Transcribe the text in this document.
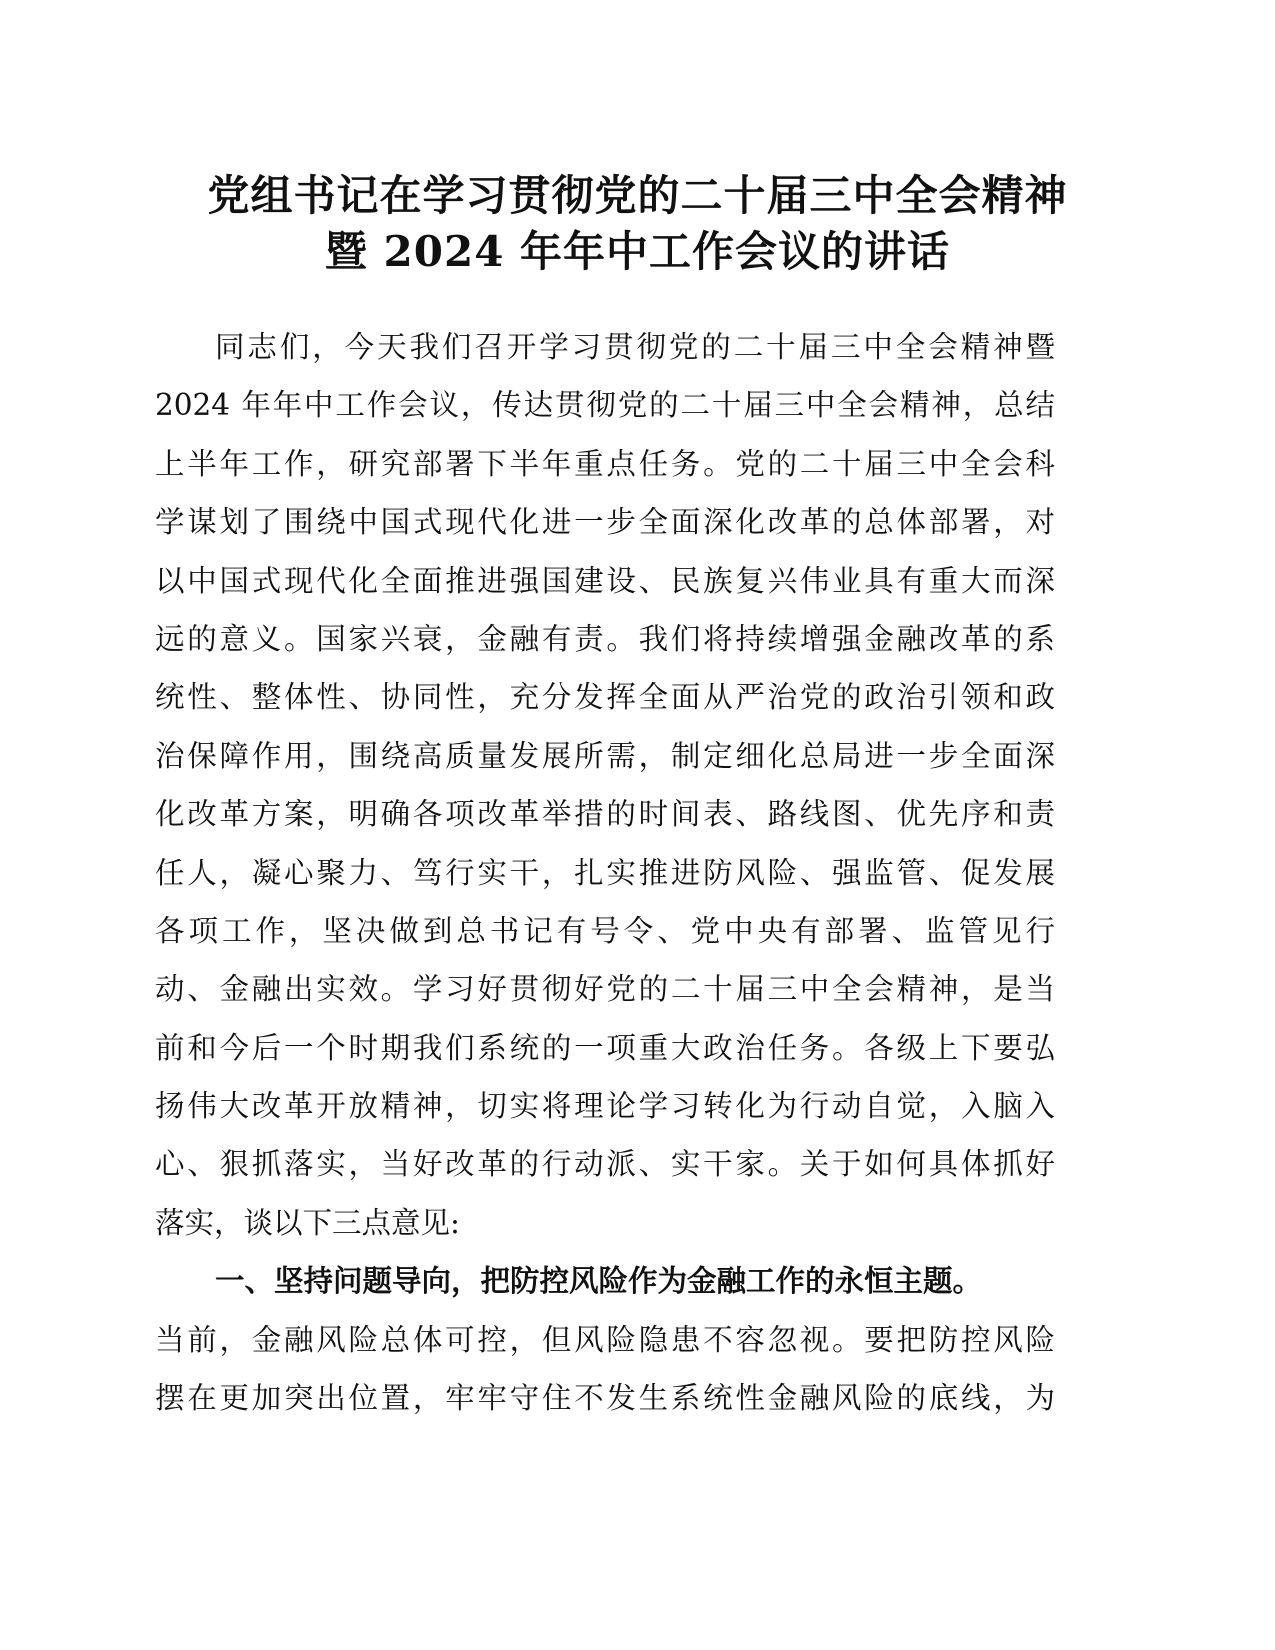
党组书记在学习贯彻党的二十届三中全会精神
暨 2024 年年中工作会议的讲话
同志们，今天我们召开学习贯彻党的二十届三中全会精神暨
2024 年年中工作会议，传达贯彻党的二十届三中全会精神，总结
上半年工作，研究部署下半年重点任务。党的二十届三中全会科
学谋划了围绕中国式现代化进一步全面深化改革的总体部署，对
以中国式现代化全面推进强国建设、民族复兴伟业具有重大而深
远的意义。国家兴衰，金融有责。我们将持续增强金融改革的系
统性、整体性、协同性，充分发挥全面从严治党的政治引领和政
治保障作用，围绕高质量发展所需，制定细化总局进一步全面深
化改革方案，明确各项改革举措的时间表、路线图、优先序和责
任人，凝心聚力、笃行实干，扎实推进防风险、强监管、促发展
各项工作，坚决做到总书记有号令、党中央有部署、监管见行
动、金融出实效。学习好贯彻好党的二十届三中全会精神，是当
前和今后一个时期我们系统的一项重大政治任务。各级上下要弘
扬伟大改革开放精神，切实将理论学习转化为行动自觉，入脑入
心、狠抓落实，当好改革的行动派、实干家。关于如何具体抓好
落实，谈以下三点意见:
一、坚持问题导向，把防控风险作为金融工作的永恒主题。
当前，金融风险总体可控，但风险隐患不容忽视。要把防控风险
摆在更加突出位置，牢牢守住不发生系统性金融风险的底线，为
